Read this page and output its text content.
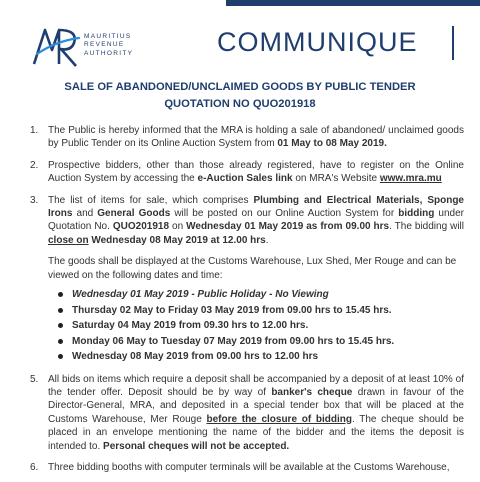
MAURITIUS
REVENUE
AUTHORITY	COMMUNIQUE
SALE OF ABANDONED/UNCLAIMED GOODS BY PUBLIC TENDER
QUOTATION NO QUO201918
1. The Public is hereby informed that the MRA is holding a sale of abandoned/ unclaimed goods by Public Tender on its Online Auction System from 01 May to 08 May 2019.

2. Prospective bidders, other than those already registered, have to register on the Online Auction System by accessing the e-Auction Sales link on MRA's Website www.mra.mu

3. The list of items for sale, which comprises Plumbing and Electrical Materials, Sponge Irons and General Goods will be posted on our Online Auction System for bidding under Quotation No. QUO201918 on Wednesday 01 May 2019 as from 09.00 hrs. The bidding will close on Wednesday 08 May 2019 at 12.00 hrs.

The goods shall be displayed at the Customs Warehouse, Lux Shed, Mer Rouge and can be viewed on the following dates and time:

Wednesday 01 May 2019 - Public Holiday - No Viewing
Thursday 02 May to Friday 03 May 2019 from 09.00 hrs to 15.45 hrs.
Saturday 04 May 2019 from 09.30 hrs to 12.00 hrs.
Monday 06 May to Tuesday 07 May 2019 from 09.00 hrs to 15.45 hrs.
Wednesday 08 May 2019 from 09.00 hrs to 12.00 hrs
5. All bids on items which require a deposit shall be accompanied by a deposit of at least 10% of the tender offer. Deposit should be by way of banker's cheque drawn in favour of the Director-General, MRA, and deposited in a special tender box that will be placed at the Customs Warehouse, Mer Rouge before the closure of bidding. The cheque should be placed in an envelope mentioning the name of the bidder and the items the deposit is intended to. Personal cheques will not be accepted.

6. Three bidding booths with computer terminals will be available at the Customs Warehouse,
